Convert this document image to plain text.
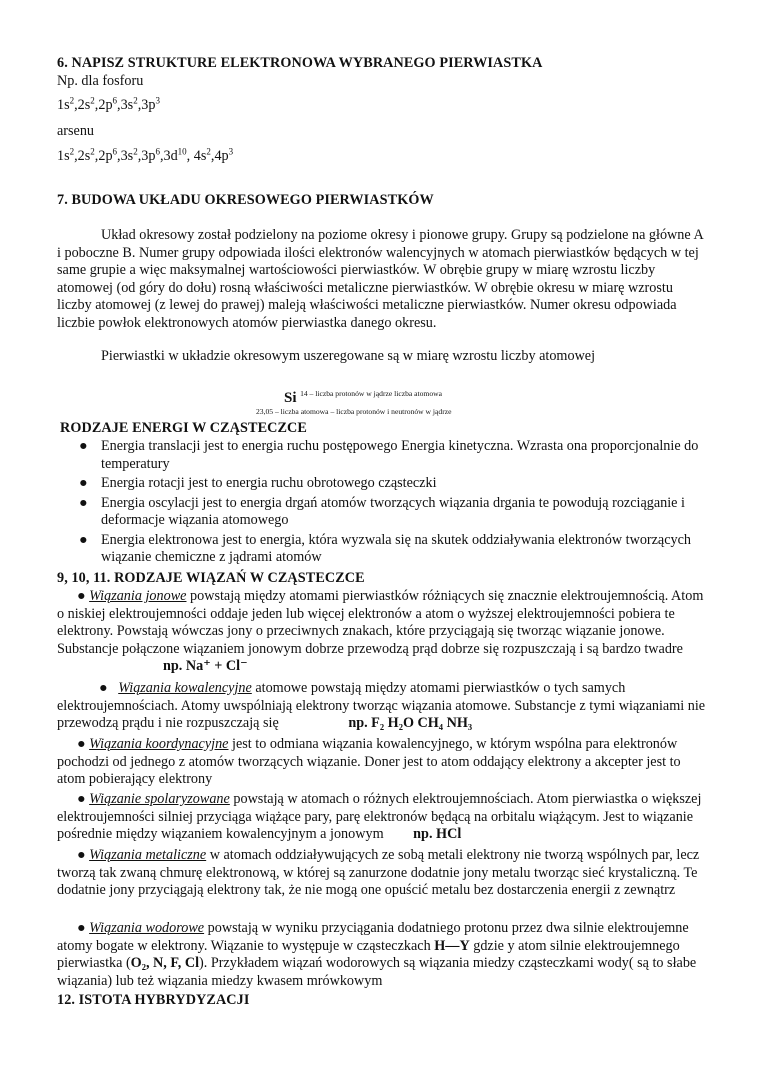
6. NAPISZ STRUKTURE ELEKTRONOWA WYBRANEGO PIERWIASTKA
Np. dla fosforu
$1s^2,2s^2,2p^6,3s^2,3p^3$
arsenu
$1s^2,2s^2,2p^6,3s^2,3p^6,3d^{10}$, $4s^2,4p^3$
7. BUDOWA UKŁADU OKRESOWEGO PIERWIASTKÓW
Układ okresowy został podzielony na poziome okresy i pionowe grupy. Grupy są podzielone na główne A i poboczne B. Numer grupy odpowiada ilości elektronów walencyjnych w atomach pierwiastków będących w tej same grupie a więc maksymalnej wartościowości pierwiastków. W obrębie grupy w miarę wzrostu liczby atomowej (od góry do dołu) rosną właściwości metaliczne pierwiastków. W obrębie okresu w miarę wzrostu liczby atomowej (z lewej do prawej) maleją właściwości metaliczne pierwiastków. Numer okresu odpowiada liczbie powłok elektronowych atomów pierwiastka danego okresu.
Pierwiastki w układzie okresowym uszeregowane są w miarę wzrostu liczby atomowej
Si $^{14 - liczba protonów w jądrze liczba atomowa}$
23,05 – liczba atomowa – liczba protonów i neutronów w jądrze
RODZAJE ENERGI W CZĄSTECZCE
● Energia translacji jest to energia ruchu postępowego Energia kinetyczna. Wzrasta ona proporcjonalnie do temperatury
● Energia rotacji jest to energia ruchu obrotowego cząsteczki
● Energia oscylacji jest to energia drgań atomów tworzących wiązania drgania te powodują rozciąganie i deformacje wiązania atomowego
● Energia elektronowa jest to energia, która wyzwala się na skutek oddziaływania elektronów tworzących wiązanie chemiczne z jądrami atomów
9, 10, 11. RODZAJE WIĄZAŃ W CZĄSTECZCE
● Wiązania jonowe powstają między atomami pierwiastków różniących się znacznie elektroujemnością. Atom o niskiej elektroujemności oddaje jeden lub więcej elektronów a atom o wyższej elektroujemności pobiera te elektrony. Powstają wówczas jony o przeciwnych znakach, które przyciągają się tworząc wiązanie jonowe. Substancje połączone wiązaniem jonowym dobrze przewodzą prąd dobrze się rozpuszczają i są bardzo twadre np. Na⁺ + Cl⁻
● Wiązania kowalencyjne atomowe powstają między atomami pierwiastków o tych samych elektroujemnościach. Atomy uwspólniają elektrony tworząc wiązania atomowe. Substancje z tymi wiązaniami nie przewodzą prądu i nie rozpuszczają się	np. F₂ H₂O CH₄ NH₃
● Wiązania koordynacyjne jest to odmiana wiązania kowalencyjnego, w którym wspólna para elektronów pochodzi od jednego z atomów tworzących wiązanie. Doner jest to atom oddający elektrony a akcepter jest to atom pobierający elektrony
● Wiązanie spolaryzowane powstają w atomach o różnych elektroujemnościach. Atom pierwiastka o większej elektroujemności silniej przyciąga wiążące pary, parę elektronów będącą na orbitalu wiążącym. Jest to wiązanie pośrednie między wiązaniem kowalencyjnym a jonowym np. HCl
● Wiązania metaliczne w atomach oddziaływujących ze sobą metali elektrony nie tworzą wspólnych par, lecz tworzą tak zwaną chmurę elektronową, w której są zanurzone dodatnie jony metalu tworząc sieć krystaliczną. Te dodatnie jony przyciągają elektrony tak, że nie mogą one opuścić metalu bez dostarczenia energii z zewnątrz
● Wiązania wodorowe powstają w wyniku przyciągania dodatniego protonu przez dwa silnie elektroujemne atomy bogate w elektrony. Wiązanie to występuje w cząsteczkach H—Y gdzie y atom silnie elektroujemnego pierwiastka (O₂, N, F, Cl). Przykładem wiązań wodorowych są wiązania miedzy cząsteczkami wody( są to słabe wiązania) lub też wiązania miedzy kwasem mrówkowym
12. ISTOTA HYBRYDYZACJI
